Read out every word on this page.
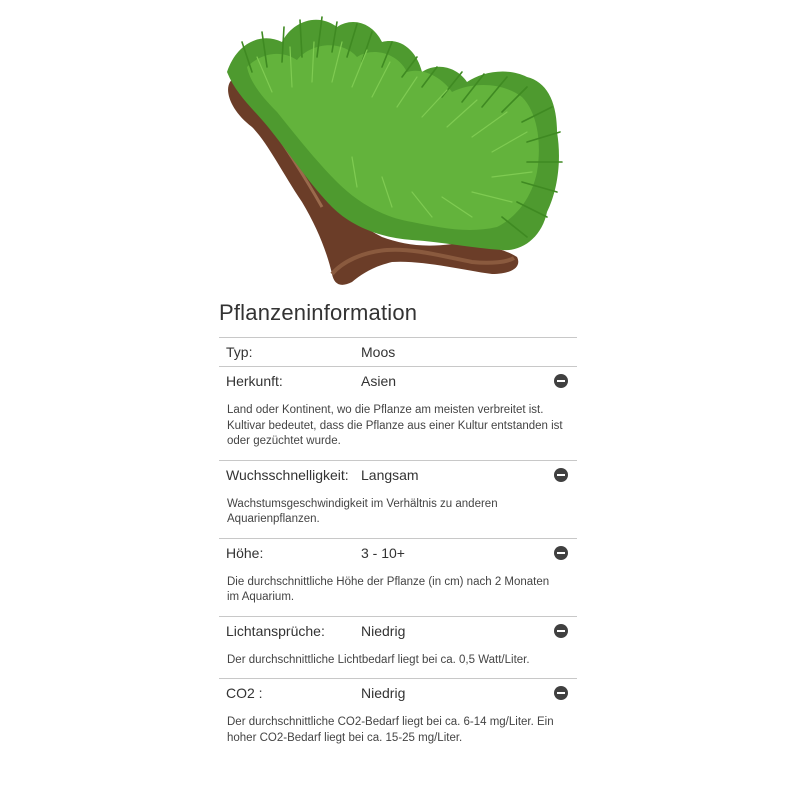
Pflanzeninformation
Typ:	Moos
Herkunft:	Asien

Land oder Kontinent, wo die Pflanze am meisten verbreitet ist. Kultivar bedeutet, dass die Pflanze aus einer Kultur entstanden ist oder gezüchtet wurde.

Wuchsschnelligkeit: Langsam

Wachstumsgeschwindigkeit im Verhältnis zu anderen Aquarienpflanzen.

Höhe:	3 - 10+

Die durchschnittliche Höhe der Pflanze (in cm) nach 2 Monaten im Aquarium.

Lichtansprüche:	Niedrig

Der durchschnittliche Lichtbedarf liegt bei ca. 0,5 Watt/Liter.

CO2 :	Niedrig

Der durchschnittliche CO2-Bedarf liegt bei ca. 6-14 mg/Liter. Ein hoher CO2-Bedarf liegt bei ca. 15-25 mg/Liter.
